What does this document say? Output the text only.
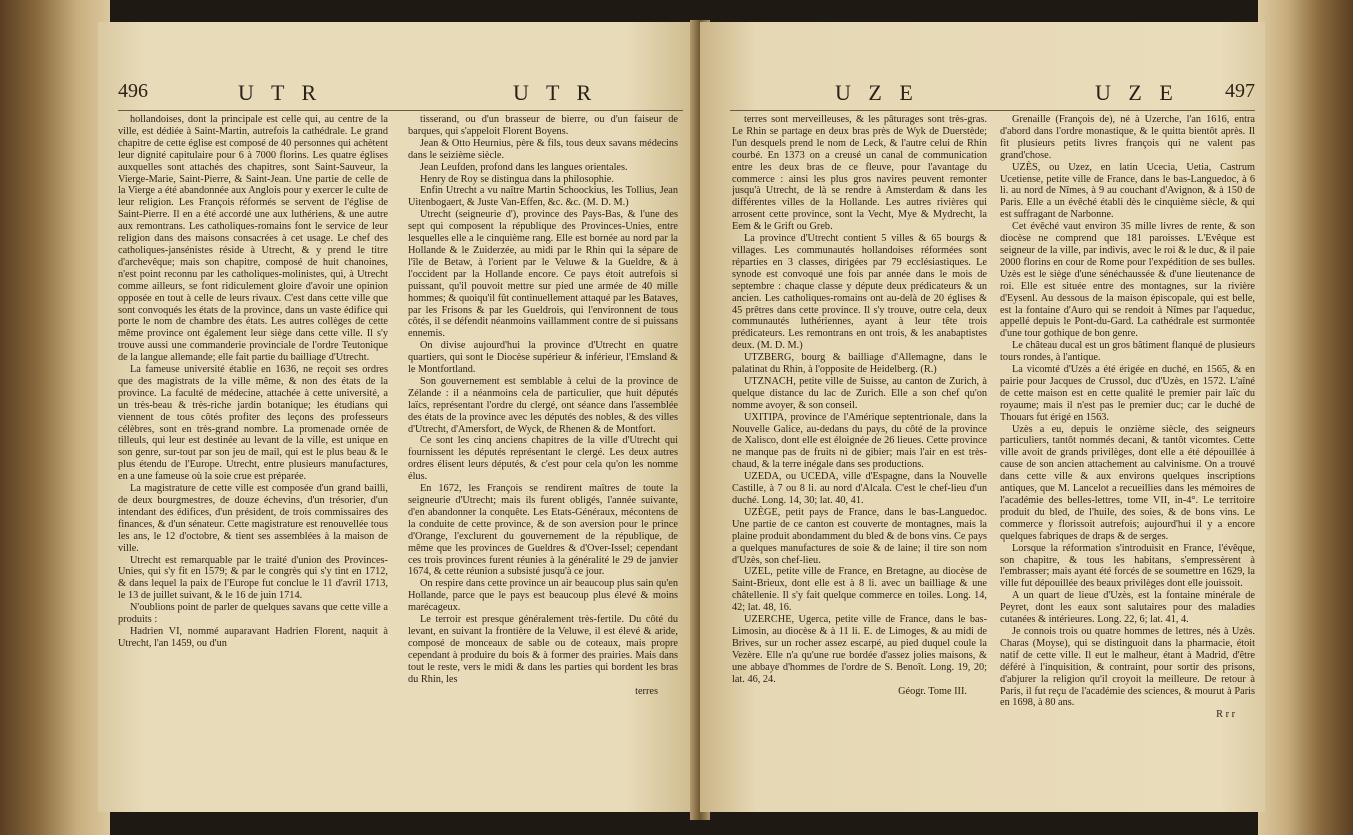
496	U T R	U T R

hollandoises, dont la principale est celle qui, au centre de la ville, est dédiée à Saint-Martin, autrefois la cathédrale. Le grand chapitre de cette église est composé de 40 personnes qui achètent leur dignité capitulaire pour 6 à 7000 florins. Les quatre églises auxquelles sont attachés des chapitres, sont Saint-Sauveur, la Vierge-Marie, Saint-Pierre, & Saint-Jean. Une partie de celle de la Vierge a été abandonnée aux Anglois pour y exercer le culte de leur religion. Les François réformés se servent de l'église de Saint-Pierre. Il en a été accordé une aux luthériens, & une autre aux remontrans. Les catholiques-romains font le service de leur religion dans des maisons consacrées à cet usage. Le chef des catholiques-jansénistes réside à Utrecht, & y prend le titre d'archevêque; mais son chapitre, composé de huit chanoines, n'est point reconnu par les catholiques-molinistes, qui, à Utrecht comme ailleurs, se font ridiculement gloire d'avoir une opinion opposée en tout à celle de leurs rivaux. C'est dans cette ville que sont convoqués les états de la province, dans un vaste édifice qui porte le nom de chambre des états. Les autres collèges de cette même province ont également leur siège dans cette ville. Il s'y trouve aussi une commanderie provinciale de l'ordre Teutonique de la langue allemande; elle fait partie du bailliage d'Utrecht.

La fameuse université établie en 1636, ne reçoit ses ordres que des magistrats de la ville même, & non des états de la province. La faculté de médecine, attachée à cette université, a un très-beau & très-riche jardin botanique; les étudians qui viennent de tous côtés profiter des leçons des professeurs célèbres, sont en très-grand nombre. La promenade ornée de tilleuls, qui leur est destinée au levant de la ville, est unique en son genre, sur-tout par son jeu de mail, qui est le plus beau & le plus étendu de l'Europe. Utrecht, entre plusieurs manufactures, en a une fameuse où la soie crue est préparée.

La magistrature de cette ville est composée d'un grand bailli, de deux bourgmestres, de douze échevins, d'un trésorier, d'un intendant des édifices, d'un président, de trois commissaires des finances, & d'un sénateur. Cette magistrature est renouvellée tous les ans, le 12 d'octobre, & tient ses assemblées à la maison de ville.

Utrecht est remarquable par le traité d'union des Provinces-Unies, qui s'y fit en 1579; & par le congrès qui s'y tint en 1712, & dans lequel la paix de l'Europe fut conclue le 11 d'avril 1713, le 13 de juillet suivant, & le 16 de juin 1714.

N'oublions point de parler de quelques savans que cette ville a produits :

Hadrien VI, nommé auparavant Hadrien Florent, naquit à Utrecht, l'an 1459, ou d'un

tisserand, ou d'un brasseur de bierre, ou d'un faiseur de barques, qui s'appeloit Florent Boyens.

Jean & Otto Heurnius, père & fils, tous deux savans médecins dans le seizième siècle.

Jean Leufden, profond dans les langues orientales.

Henry de Roy se distingua dans la philosophie.

Enfin Utrecht a vu naître Martin Schoockius, les Tollius, Jean Uitenbogaert, & Juste Van-Effen, &c. &c. (M. D. M.)

Utrecht (seigneurie d'), province des Pays-Bas, & l'une des sept qui composent la république des Provinces-Unies, entre lesquelles elle a le cinquième rang. Elle est bornée au nord par la Hollande & le Zuiderzée, au midi par le Rhin qui la sépare de l'île de Betaw, à l'orient par le Veluwe & la Gueldre, & à l'occident par la Hollande encore. Ce pays étoit autrefois si puissant, qu'il pouvoit mettre sur pied une armée de 40 mille hommes; & quoiqu'il fût continuellement attaqué par les Bataves, par les Frisons & par les Gueldrois, qui l'environnent de tous côtés, il se défendit néanmoins vaillamment contre de si puissans ennemis.

On divise aujourd'hui la province d'Utrecht en quatre quartiers, qui sont le Diocèse supérieur & inférieur, l'Emsland & le Montfortland.

Son gouvernement est semblable à celui de la province de Zélande : il a néanmoins cela de particulier, que huit députés laïcs, représentant l'ordre du clergé, ont séance dans l'assemblée des états de la province avec les députés des nobles, & des villes d'Utrecht, d'Amersfort, de Wyck, de Rhenen & de Montfort.

Ce sont les cinq anciens chapitres de la ville d'Utrecht qui fournissent les députés représentant le clergé. Les deux autres ordres élisent leurs députés, & c'est pour cela qu'on les nomme élus.

En 1672, les François se rendirent maîtres de toute la seigneurie d'Utrecht; mais ils furent obligés, l'année suivante, d'en abandonner la conquête. Les Etats-Généraux, mécontens de la conduite de cette province, & de son aversion pour le prince d'Orange, l'exclurent du gouvernement de la république, de même que les provinces de Gueldres & d'Over-Issel; cependant ces trois provinces furent réunies à la généralité le 29 de janvier 1674, & cette réunion a subsisté jusqu'à ce jour.

On respire dans cette province un air beaucoup plus sain qu'en Hollande, parce que le pays est beaucoup plus élevé & moins marécageux.

Le terroir est presque généralement très-fertile. Du côté du levant, en suivant la frontière de la Veluwe, il est élevé & aride, composé de monceaux de sable ou de coteaux, mais propre cependant à produire du bois & à former des prairies. Mais dans tout le reste, vers le midi & dans les parties qui bordent les bras du Rhin, les

terres

U Z E	U Z E 497

terres sont merveilleuses, & les pâturages sont très-gras. Le Rhin se partage en deux bras près de Wyk de Duerstède; l'un desquels prend le nom de Leck, & l'autre celui de Rhin courbé. En 1373 on a creusé un canal de communication entre les deux bras de ce fleuve, pour l'avantage du commerce : ainsi les plus gros navires peuvent remonter jusqu'à Utrecht, de là se rendre à Amsterdam & dans les différentes villes de la Hollande. Les autres rivières qui arrosent cette province, sont la Vecht, Mye & Mydrecht, la Eem & le Grift ou Greb.

La province d'Utrecht contient 5 villes & 65 bourgs & villages. Les communautés hollandoises réformées sont réparties en 3 classes, dirigées par 79 ecclésiastiques. Le synode est convoqué une fois par année dans le mois de septembre : chaque classe y députe deux prédicateurs & un ancien. Les catholiques-romains ont au-delà de 20 églises & 45 prêtres dans cette province. Il s'y trouve, outre cela, deux communautés luthériennes, ayant à leur tête trois prédicateurs. Les remontrans en ont trois, & les anabaptistes deux. (M. D. M.)

UTZBERG, bourg & bailliage d'Allemagne, dans le palatinat du Rhin, à l'opposite de Heidelberg. (R.)

UTZNACH, petite ville de Suisse, au canton de Zurich, à quelque distance du lac de Zurich. Elle a son chef qu'on nomme avoyer, & son conseil.

UXITIPA, province de l'Amérique septentrionale, dans la Nouvelle Galice, au-dedans du pays, du côté de la province de Xalisco, dont elle est éloignée de 26 lieues. Cette province ne manque pas de fruits ni de gibier; mais l'air en est très-chaud, & la terre inégale dans ses productions.

UZEDA, ou UCEDA, ville d'Espagne, dans la Nouvelle Castille, à 7 ou 8 li. au nord d'Alcala. C'est le chef-lieu d'un duché. Long. 14, 30; lat. 40, 41.

UZÈGE, petit pays de France, dans le bas-Languedoc. Une partie de ce canton est couverte de montagnes, mais la plaine produit abondamment du bled & de bons vins. Ce pays a quelques manufactures de soie & de laine; il tire son nom d'Uzès, son chef-lieu.

UZEL, petite ville de France, en Bretagne, au diocèse de Saint-Brieux, dont elle est à 8 li. avec un bailliage & une châtellenie. Il s'y fait quelque commerce en toiles. Long. 14, 42; lat. 48, 16.

UZERCHE, Ugerca, petite ville de France, dans le bas-Limosin, au diocèse & à 11 li. E. de Limoges, & au midi de Brives, sur un rocher assez escarpé, au pied duquel coule la Vezère. Elle n'a qu'une rue bordée d'assez jolies maisons, & une abbaye d'hommes de l'ordre de S. Benoît. Long. 19, 20; lat. 46, 24.

Géogr. Tome III.

Grenaille (François de), né à Uzerche, l'an 1616, entra d'abord dans l'ordre monastique, & le quitta bientôt après. Il fit plusieurs petits livres françois qui ne valent pas grand'chose.

UZÈS, ou Uzez, en latin Ucecia, Uetia, Castrum Ucetiense, petite ville de France, dans le bas-Languedoc, à 6 li. au nord de Nîmes, à 9 au couchant d'Avignon, & à 150 de Paris. Elle a un évêché établi dès le cinquième siècle, & qui est suffragant de Narbonne.

Cet évêché vaut environ 35 mille livres de rente, & son diocèse ne comprend que 181 paroisses. L'Evêque est seigneur de la ville, par indivis, avec le roi & le duc, & il paie 2000 florins en cour de Rome pour l'expédition de ses bulles. Uzès est le siège d'une sénéchaussée & d'une lieutenance de roi. Elle est située entre des montagnes, sur la rivière d'Eysenl. Au dessous de la maison épiscopale, qui est belle, est la fontaine d'Auro qui se rendoit à Nîmes par l'aqueduc, appellé depuis le Pont-du-Gard. La cathédrale est surmontée d'une tour gothique de bon genre.

Le château ducal est un gros bâtiment flanqué de plusieurs tours rondes, à l'antique.

La vicomté d'Uzès a été érigée en duché, en 1565, & en pairie pour Jacques de Crussol, duc d'Uzès, en 1572. L'aîné de cette maison est en cette qualité le premier pair laïc du royaume; mais il n'est pas le premier duc; car le duché de Thouars fut érigé en 1563.

Uzès a eu, depuis le onzième siècle, des seigneurs particuliers, tantôt nommés decani, & tantôt vicomtes. Cette ville avoit de grands privilèges, dont elle a été dépouillée à cause de son ancien attachement au calvinisme. On a trouvé dans cette ville & aux environs quelques inscriptions antiques, que M. Lancelot a recueillies dans les mémoires de l'académie des belles-lettres, tome VII, in-4°. Le territoire produit du bled, de l'huile, des soies, & de bons vins. Le commerce y florissoit autrefois; aujourd'hui il y a encore quelques fabriques de draps & de serges.

Lorsque la réformation s'introduisit en France, l'évêque, son chapitre, & tous les habitans, s'empressèrent à l'embrasser; mais ayant été forcés de se soumettre en 1629, la ville fut dépouillée des beaux privilèges dont elle jouissoit.

A un quart de lieue d'Uzès, est la fontaine minérale de Peyret, dont les eaux sont salutaires pour des maladies cutanées & intérieures. Long. 22, 6; lat. 41, 4.

Je connois trois ou quatre hommes de lettres, nés à Uzès. Charas (Moyse), qui se distinguoit dans la pharmacie, étoit natif de cette ville. Il eut le malheur, étant à Madrid, d'être déféré à l'inquisition, & contraint, pour sortir des prisons, d'abjurer la religion qu'il croyoit la meilleure. De retour à Paris, il fut reçu de l'académie des sciences, & mourut à Paris en 1698, à 80 ans.

R r r
